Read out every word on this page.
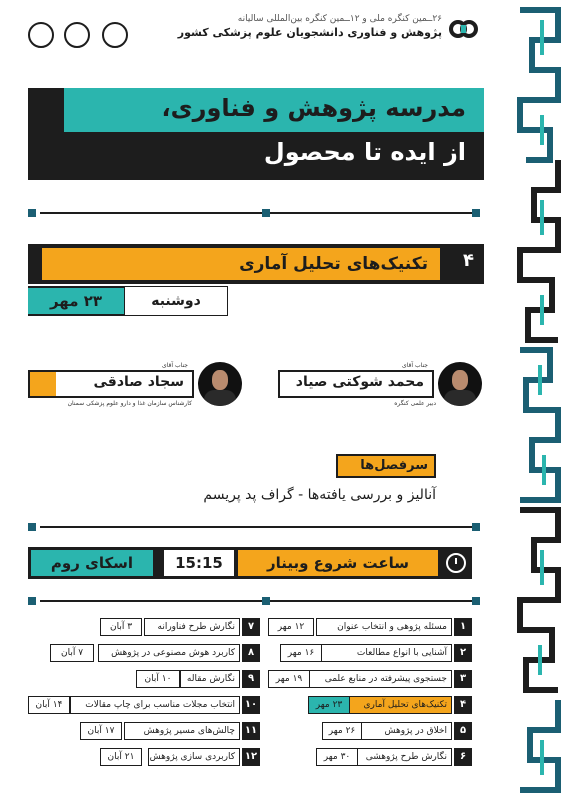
۲۶ــمین کنگره ملی و ۱۲ــمین کنگره بین‌المللی سالیانه
پژوهش و فناوری دانشجویان علوم پزشکی کشور
مدرسه پژوهش و فناوری،
از ایده تا محصول
۴
تکنیک‌های تحلیل آماری
دوشنبه
۲۳ مهر
جناب آقای
محمد شوکتی صیاد
دبیر علمی کنگره
جناب آقای
سجاد صادقی
کارشناس سازمان غذا و دارو علوم پزشکی سمنان
سرفصل‌ها
آنالیز و بررسی یافته‌ها - گراف پد پریسم
ساعت شروع وبینار
15:15
اسکای روم
۱
مسئله پژوهی و انتخاب عنوان
۱۲ مهر
۲
آشنایی با انواع مطالعات
۱۶ مهر
۳
جستجوی پیشرفته در منابع علمی
۱۹ مهر
۴
تکنیک‌های تحلیل آماری
۲۳ مهر
۵
اخلاق در پژوهش
۲۶ مهر
۶
نگارش طرح پژوهشی
۳۰ مهر
۷
نگارش طرح فناورانه
۳ آبان
۸
کاربرد هوش مصنوعی در پژوهش
۷ آبان
۹
نگارش مقاله
۱۰ آبان
۱۰
انتخاب مجلات مناسب برای چاپ مقالات
۱۴ آبان
۱۱
چالش‌های مسیر پژوهش
۱۷ آبان
۱۲
کاربردی سازی پژوهش
۲۱ آبان
